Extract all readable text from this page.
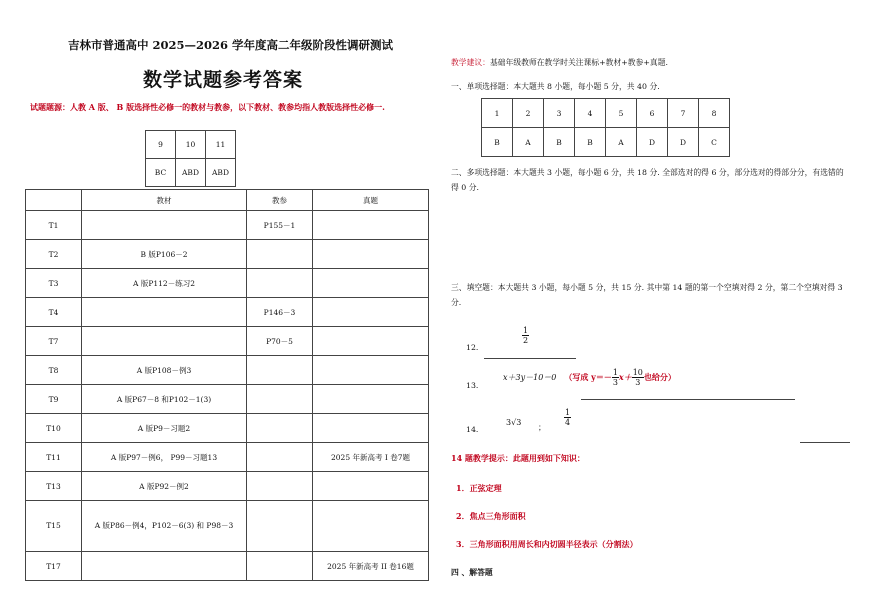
吉林市普通高中 2025—2026 学年度高二年级阶段性调研测试
数学试题参考答案
试题题源：人教 A 版、 B 版选择性必修一的教材与教参，以下教材、教参均指人教版选择性必修一.
9	10	11
BC	ABD	ABD
	教材	教参	真题
T1		P155－1	
T2	B 版P106－2		
T3	A 版P112－练习2		
T4		P146－3	
T7		P70－5	
T8	A 版P108－例3		
T9	A 版P67－8 和P102－1(3)		
T10	A 版P9－习题2		
T11	A 版P97－例6， P99－习题13		2025 年新高考 I 卷7题
T13	A 版P92－例2		
T15	A 版P86－例4，P102－6(3) 和 P98－3		
T17			2025 年新高考 II 卷16题
教学建议：基础年级教师在教学时关注课标+教材+教参+真题.
一、单项选择题：本大题共 8 小题，每小题 5 分，共 40 分.
1	2	3	4	5	6	7	8
B	A	B	B	A	D	D	C
二、多项选择题：本大题共 3 小题，每小题 6 分，共 18 分. 全部选对的得 6 分，部分选对的得部分分，有选错的得 0 分.
三、填空题：本大题共 3 小题，每小题 5 分，共 15 分. 其中第 14 题的第一个空填对得 2 分，第二个空填对得 3 分.
12.

$\frac{1}{2}$
13.

x＋3y－10＝0 （写成 $y=- \frac{1}{3} x+ \frac{10}{3}$ 也给分）
14.

3√3
；
$\frac{1}{4}$
14 题教学提示：此题用到如下知识：
1．正弦定理
2．焦点三角形面积
3．三角形面积用周长和内切圆半径表示（分割法）
四 、解答题
